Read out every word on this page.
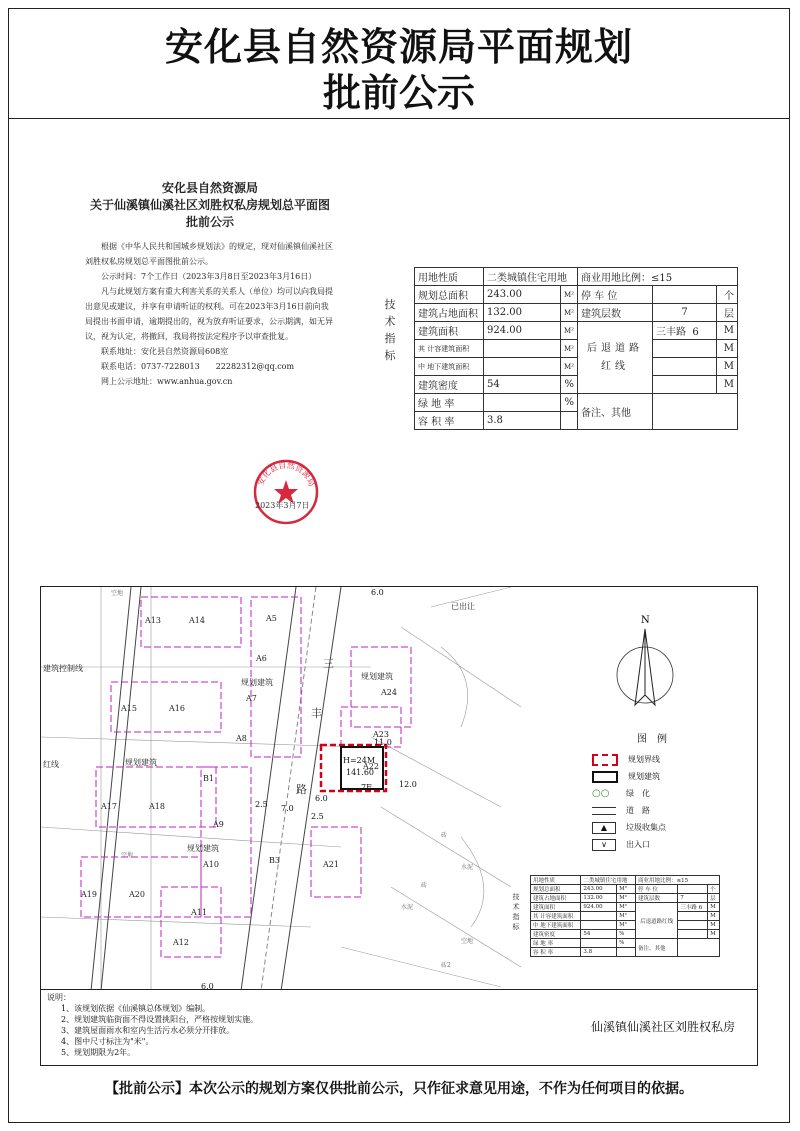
安化县自然资源局平面规划
批前公示
安化县自然资源局
关于仙溪镇仙溪社区刘胜权私房规划总平面图
批前公示

根据《中华人民共和国城乡规划法》的规定，现对仙溪镇仙溪社区刘胜权私房规划总平面图批前公示。

公示时间：7个工作日（2023年3月8日至2023年3月16日）

凡与此规划方案有重大利害关系的关系人（单位）均可以向我局提出意见或建议，并享有申请听证的权利。可在2023年3月16日前向我局提出书面申请，逾期提出的，视为放弃听证要求，公示期满，如无异议，视为认定，将撤回，我局将按法定程序予以审查批复。

联系地址：安化县自然资源局608室

联系电话：0737-7228013　　2228231​2@qq.com

网上公示地址：www.anhua.gov.cn

安化县自然资源局
2023年3月7日
技术指标
用地性质	二类城镇住宅用地		商业用地比例：≤15		
规划总面积	243.00	M²	停 车 位		个
建筑占地面积	132.00	M²	建筑层数	7	层
建筑面积	924.00	M²	后退道路红线	三丰路 6	M
其 计容建筑面积		M²			M
中 地下建筑面积		M²			M
建筑密度	54	%			M
绿 地 率		%	备注、其他		
容 积 率	3.8				
A13	A14	A5
A6
A7
A8
A15	A16
A17	A18
A19	A20
A9
A10
A11
A12
B1
B3	A21
A22
A23
A24
规划建筑
规划建筑
规划建筑
规划建筑
建筑控制线
红线
已出让
三
丰
路
H=24M
141.60
7F
6.0
11.0
12.0
6.0
2.5 7.0
2.5
6.0
空地
空地
水泥
水泥
空地
砖
砖
砖2
N
图　例
规划界线
规划建筑
○○	绿　化
道　路
▲	垃圾收集点
∨	出入口
技术指标
用地性质	二类城镇住宅用地		商业用地比例：≤15		
规划总面积	243.00	M²	停 车 位		个
建筑占地面积	132.00	M²	建筑层数	7	层
建筑面积	924.00	M²	后退道路红线	三丰路 6	M
其 计容建筑面积		M²			M
中 地下建筑面积		M²			M
建筑密度	54	%			M
绿 地 率		%	备注、其他		
容 积 率	3.8				
说明：
1、该规划依据《仙溪镇总体规划》编制。
2、规划建筑临街面不得设置挑阳台，严格按规划实施。
3、建筑屋面雨水和室内生活污水必须分开排放。
4、图中尺寸标注为"米"。
5、规划期限为2年。
仙溪镇仙溪社区刘胜权私房
【批前公示】本次公示的规划方案仅供批前公示，只作征求意见用途，不作为任何项目的依据。
